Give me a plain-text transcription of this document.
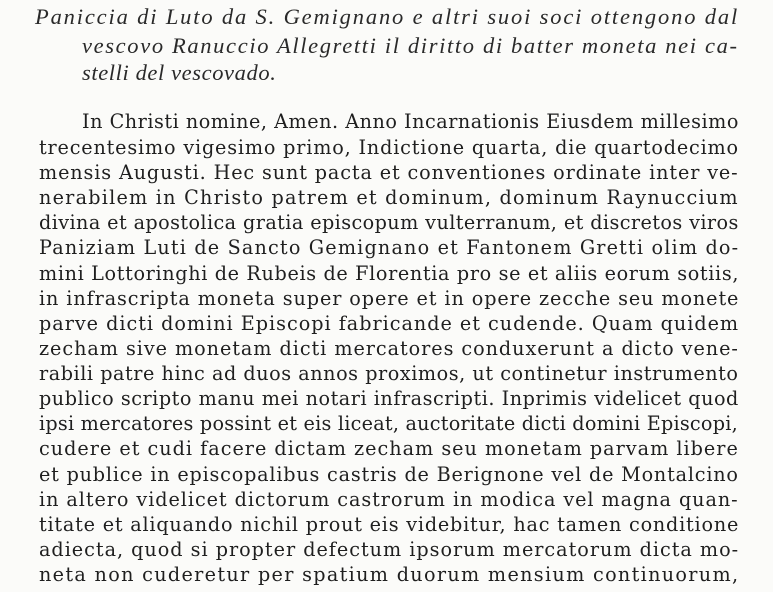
Paniccia di Luto da S. Gemignano e altri suoi soci ottengono dal
vescovo Ranuccio Allegretti il diritto di batter moneta nei ca-
stelli del vescovado.
In Christi nomine, Amen. Anno Incarnationis Eiusdem millesimo
trecentesimo vigesimo primo, Indictione quarta, die quartodecimo
mensis Augusti. Hec sunt pacta et conventiones ordinate inter ve-
nerabilem in Christo patrem et dominum, dominum Raynuccium
divina et apostolica gratia episcopum vulterranum, et discretos viros
Paniziam Luti de Sancto Gemignano et Fantonem Gretti olim do-
mini Lottoringhi de Rubeis de Florentia pro se et aliis eorum sotiis,
in infrascripta moneta super opere et in opere zecche seu monete
parve dicti domini Episcopi fabricande et cudende. Quam quidem
zecham sive monetam dicti mercatores conduxerunt a dicto vene-
rabili patre hinc ad duos annos proximos, ut continetur instrumento
publico scripto manu mei notari infrascripti. Inprimis videlicet quod
ipsi mercatores possint et eis liceat, auctoritate dicti domini Episcopi,
cudere et cudi facere dictam zecham seu monetam parvam libere
et publice in episcopalibus castris de Berignone vel de Montalcino
in altero videlicet dictorum castrorum in modica vel magna quan-
titate et aliquando nichil prout eis videbitur, hac tamen conditione
adiecta, quod si propter defectum ipsorum mercatorum dicta mo-
neta non cuderetur per spatium duorum mensium continuorum,
